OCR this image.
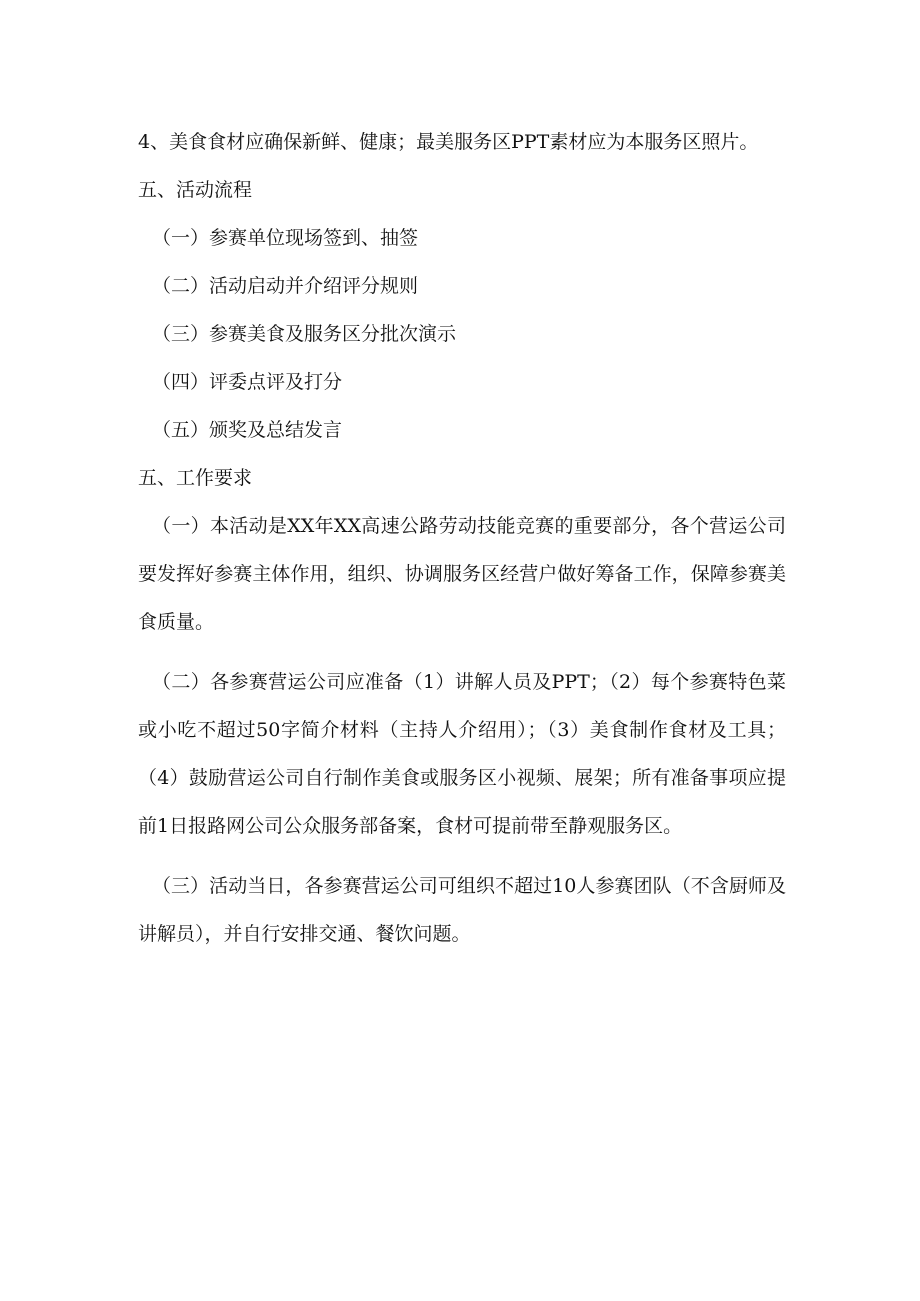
4、美食食材应确保新鲜、健康；最美服务区PPT素材应为本服务区照片。

五、活动流程

（一）参赛单位现场签到、抽签

（二）活动启动并介绍评分规则

（三）参赛美食及服务区分批次演示

（四）评委点评及打分

（五）颁奖及总结发言

五、工作要求

（一）本活动是XX年XX高速公路劳动技能竞赛的重要部分，各个营运公司要发挥好参赛主体作用，组织、协调服务区经营户做好筹备工作，保障参赛美食质量。

（二）各参赛营运公司应准备（1）讲解人员及PPT；（2）每个参赛特色菜或小吃不超过50字简介材料（主持人介绍用）；（3）美食制作食材及工具；（4）鼓励营运公司自行制作美食或服务区小视频、展架；所有准备事项应提前1日报路网公司公众服务部备案，食材可提前带至静观服务区。

（三）活动当日，各参赛营运公司可组织不超过10人参赛团队（不含厨师及讲解员），并自行安排交通、餐饮问题。
